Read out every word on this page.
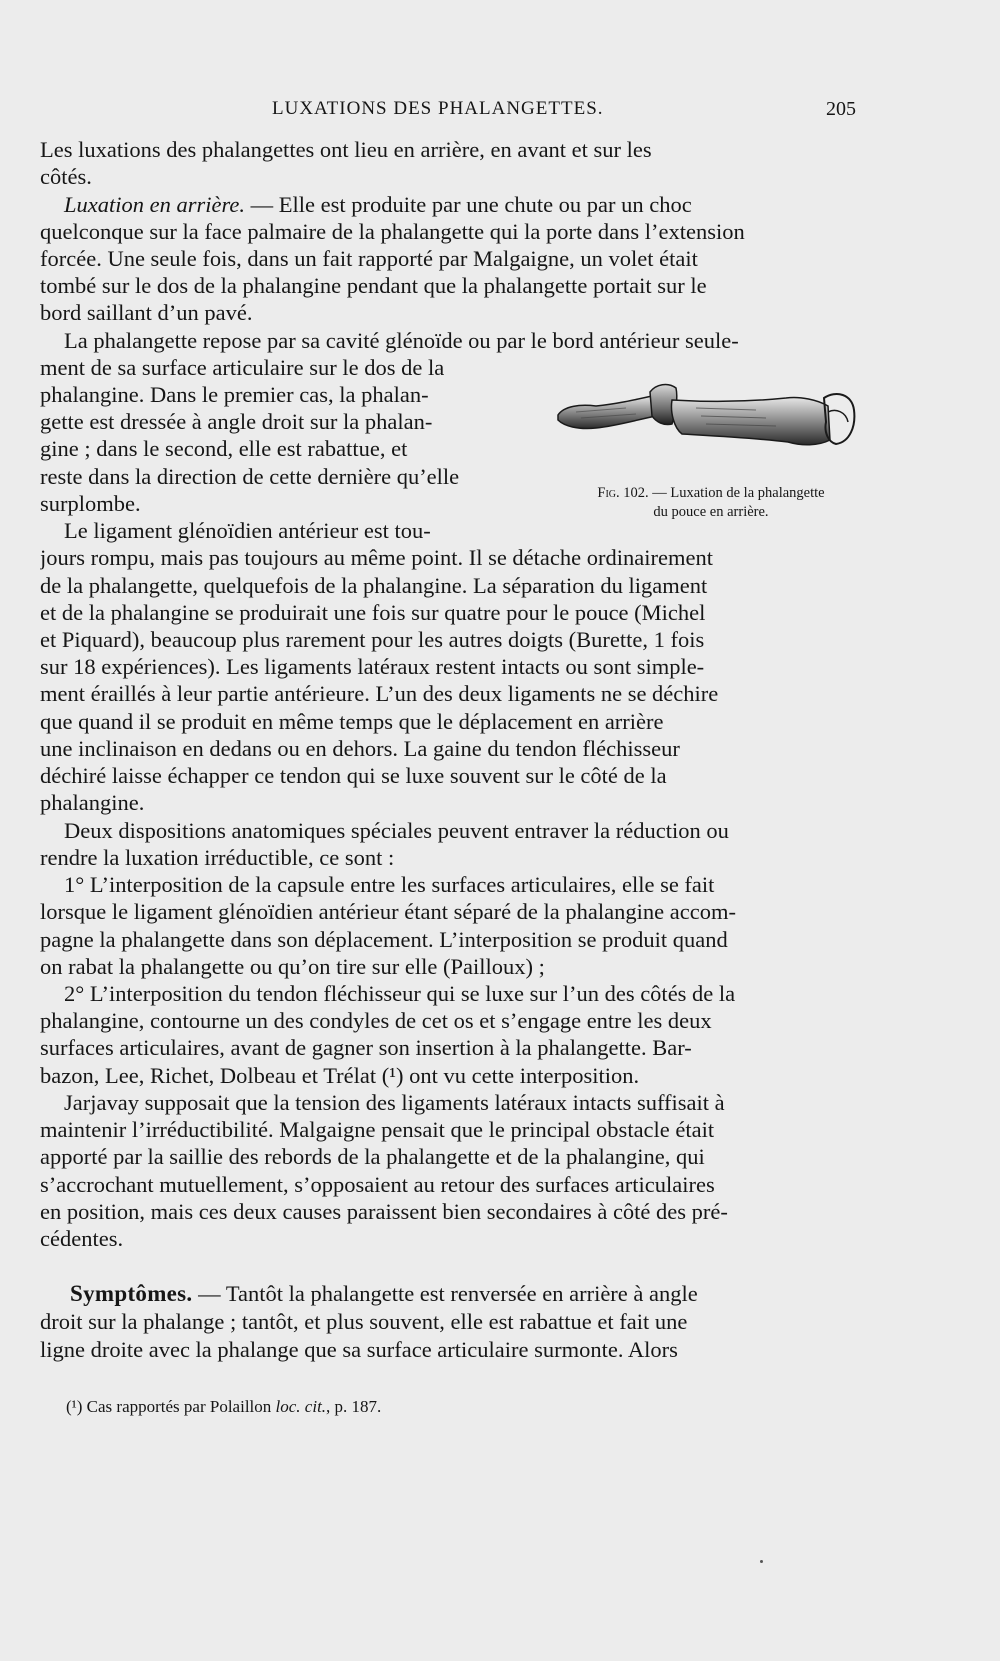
LUXATIONS DES PHALANGETTES.	205
Les luxations des phalangettes ont lieu en arrière, en avant et sur les
côtés.
Luxation en arrière. — Elle est produite par une chute ou par un choc
quelconque sur la face palmaire de la phalangette qui la porte dans l’extension
forcée. Une seule fois, dans un fait rapporté par Malgaigne, un volet était
tombé sur le dos de la phalangine pendant que la phalangette portait sur le
bord saillant d’un pavé.
La phalangette repose par sa cavité glénoïde ou par le bord antérieur seule-
ment de sa surface articulaire sur le dos de la
phalangine. Dans le premier cas, la phalan-
gette est dressée à angle droit sur la phalan-
gine ; dans le second, elle est rabattue, et
reste dans la direction de cette dernière qu’elle
surplombe.
Le ligament glénoïdien antérieur est tou-
jours rompu, mais pas toujours au même point. Il se détache ordinairement
de la phalangette, quelquefois de la phalangine. La séparation du ligament
et de la phalangine se produirait une fois sur quatre pour le pouce (Michel
et Piquard), beaucoup plus rarement pour les autres doigts (Burette, 1 fois
sur 18 expériences). Les ligaments latéraux restent intacts ou sont simple-
ment éraillés à leur partie antérieure. L’un des deux ligaments ne se déchire
que quand il se produit en même temps que le déplacement en arrière
une inclinaison en dedans ou en dehors. La gaine du tendon fléchisseur
déchiré laisse échapper ce tendon qui se luxe souvent sur le côté de la
phalangine.
Deux dispositions anatomiques spéciales peuvent entraver la réduction ou
rendre la luxation irréductible, ce sont :
1° L’interposition de la capsule entre les surfaces articulaires, elle se fait
lorsque le ligament glénoïdien antérieur étant séparé de la phalangine accom-
pagne la phalangette dans son déplacement. L’interposition se produit quand
on rabat la phalangette ou qu’on tire sur elle (Pailloux) ;
2° L’interposition du tendon fléchisseur qui se luxe sur l’un des côtés de la
phalangine, contourne un des condyles de cet os et s’engage entre les deux
surfaces articulaires, avant de gagner son insertion à la phalangette. Bar-
bazon, Lee, Richet, Dolbeau et Trélat (¹) ont vu cette interposition.
Jarjavay supposait que la tension des ligaments latéraux intacts suffisait à
maintenir l’irréductibilité. Malgaigne pensait que le principal obstacle était
apporté par la saillie des rebords de la phalangette et de la phalangine, qui
s’accrochant mutuellement, s’opposaient au retour des surfaces articulaires
en position, mais ces deux causes paraissent bien secondaires à côté des pré-
cédentes.
Symptômes. — Tantôt la phalangette est renversée en arrière à angle
droit sur la phalange ; tantôt, et plus souvent, elle est rabattue et fait une
ligne droite avec la phalange que sa surface articulaire surmonte. Alors
Fig. 102. — Luxation de la phalangette
du pouce en arrière.
(¹) Cas rapportés par Polaillon loc. cit., p. 187.
